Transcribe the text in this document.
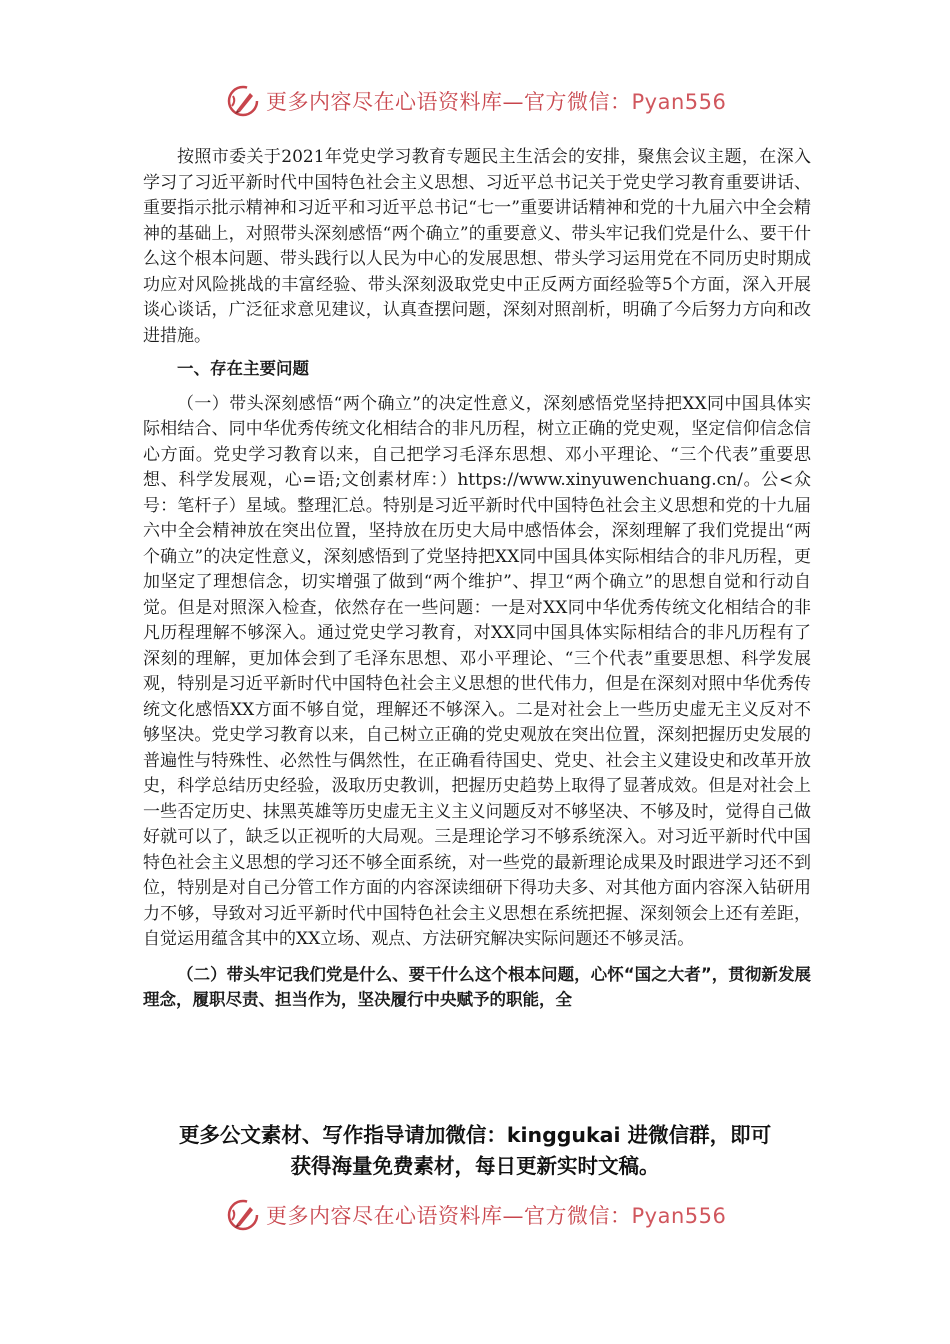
更多内容尽在心语资料库—官方微信：Pyan556

按照市委关于2021年党史学习教育专题民主生活会的安排，聚焦会议主题，在深入学习了习近平新时代中国特色社会主义思想、习近平总书记关于党史学习教育重要讲话、重要指示批示精神和习近平和习近平总书记“七一”重要讲话精神和党的十九届六中全会精神的基础上，对照带头深刻感悟“两个确立”的重要意义、带头牢记我们党是什么、要干什么这个根本问题、带头践行以人民为中心的发展思想、带头学习运用党在不同历史时期成功应对风险挑战的丰富经验、带头深刻汲取党史中正反两方面经验等5个方面，深入开展谈心谈话，广泛征求意见建议，认真查摆问题，深刻对照剖析，明确了今后努力方向和改进措施。

一、存在主要问题

（一）带头深刻感悟“两个确立”的决定性意义，深刻感悟党坚持把XX同中国具体实际相结合、同中华优秀传统文化相结合的非凡历程，树立正确的党史观，坚定信仰信念信心方面。党史学习教育以来，自己把学习毛泽东思想、邓小平理论、“三个代表”重要思想、科学发展观，心=语;文创素材库：）https://www.xinyuwenchuang.cn/。公<众号：笔杆子）星域。整理汇总。特别是习近平新时代中国特色社会主义思想和党的十九届六中全会精神放在突出位置，坚持放在历史大局中感悟体会，深刻理解了我们党提出“两个确立”的决定性意义，深刻感悟到了党坚持把XX同中国具体实际相结合的非凡历程，更加坚定了理想信念，切实增强了做到“两个维护”、捍卫“两个确立”的思想自觉和行动自觉。但是对照深入检查，依然存在一些问题：一是对XX同中华优秀传统文化相结合的非凡历程理解不够深入。通过党史学习教育，对XX同中国具体实际相结合的非凡历程有了深刻的理解，更加体会到了毛泽东思想、邓小平理论、“三个代表”重要思想、科学发展观，特别是习近平新时代中国特色社会主义思想的世代伟力，但是在深刻对照中华优秀传统文化感悟XX方面不够自觉，理解还不够深入。二是对社会上一些历史虚无主义反对不够坚决。党史学习教育以来，自己树立正确的党史观放在突出位置，深刻把握历史发展的普遍性与特殊性、必然性与偶然性，在正确看待国史、党史、社会主义建设史和改革开放史，科学总结历史经验，汲取历史教训，把握历史趋势上取得了显著成效。但是对社会上一些否定历史、抹黑英雄等历史虚无主义主义问题反对不够坚决、不够及时，觉得自己做好就可以了，缺乏以正视听的大局观。三是理论学习不够系统深入。对习近平新时代中国特色社会主义思想的学习还不够全面系统，对一些党的最新理论成果及时跟进学习还不到位，特别是对自己分管工作方面的内容深读细研下得功夫多、对其他方面内容深入钻研用力不够，导致对习近平新时代中国特色社会主义思想在系统把握、深刻领会上还有差距，自觉运用蕴含其中的XX立场、观点、方法研究解决实际问题还不够灵活。

（二）带头牢记我们党是什么、要干什么这个根本问题，心怀“国之大者”，贯彻新发展理念，履职尽责、担当作为，坚决履行中央赋予的职能，全

更多公文素材、写作指导请加微信：kinggukai 进微信群，即可
获得海量免费素材，每日更新实时文稿。
更多内容尽在心语资料库—官方微信：Pyan556
